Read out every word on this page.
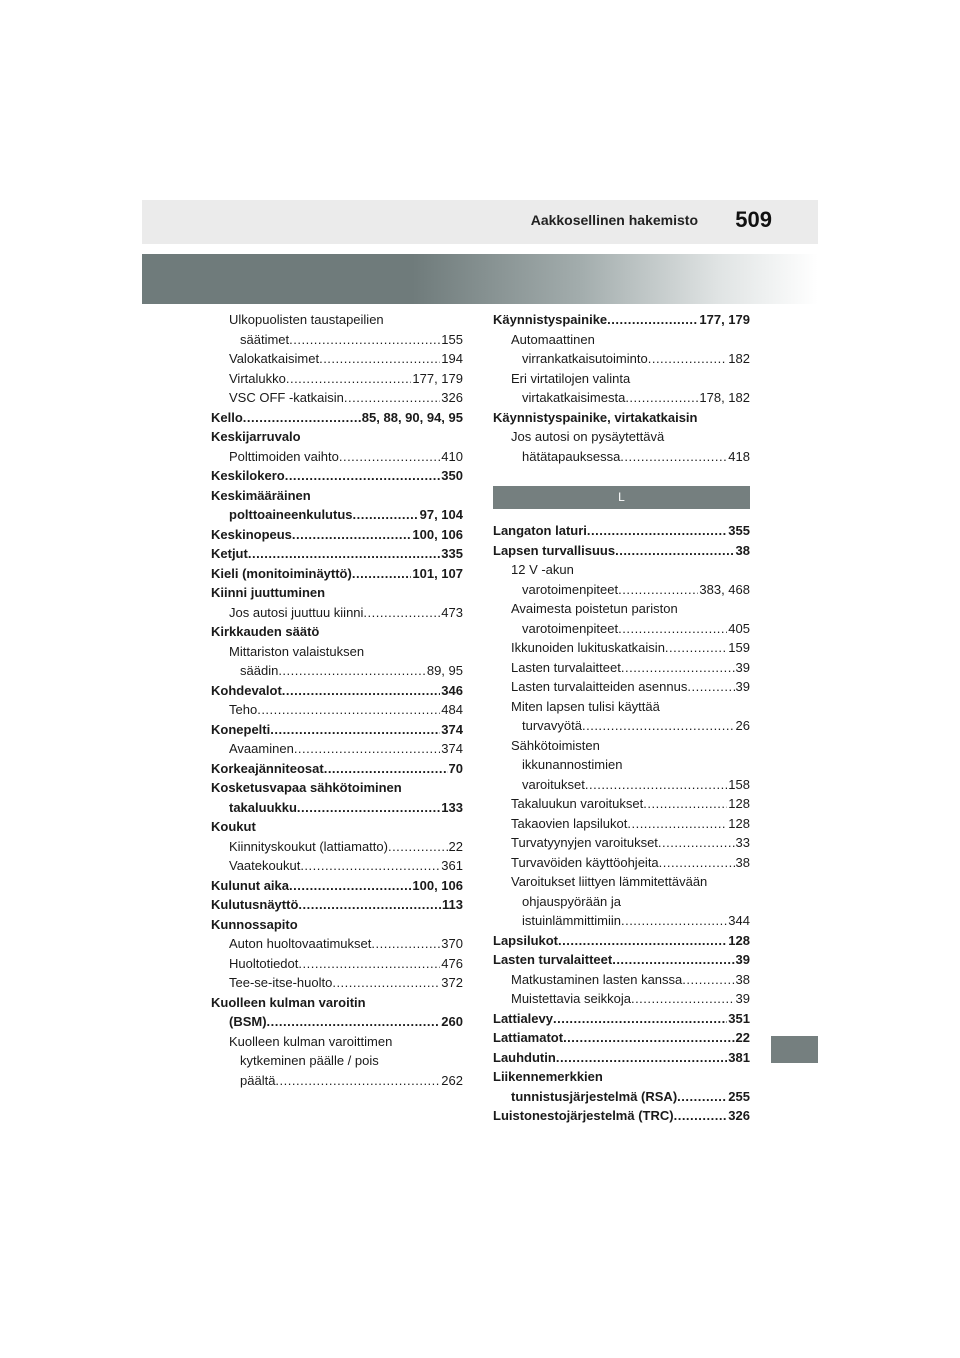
Aakkosellinen hakemisto 509
Ulkopuolisten taustapeilien
säätimet .....	155
Valokatkaisimet .....	194
Virtalukko .....	177, 179
VSC OFF -katkaisin .....	326
Kello .....	85, 88, 90, 94, 95
Keskijarruvalo
Polttimoiden vaihto .....	410
Keskilokero .....	350
Keskimääräinen
polttoaineenkulutus .....	97, 104
Keskinopeus .....	100, 106
Ketjut .....	335
Kieli (monitoiminäyttö) .....	101, 107
Kiinni juuttuminen
Jos autosi juuttuu kiinni .....	473
Kirkkauden säätö
Mittariston valaistuksen
säädin .....	89, 95
Kohdevalot .....	346
Teho .....	484
Konepelti .....	374
Avaaminen .....	374
Korkeajänniteosat .....	70
Kosketusvapaa sähkötoiminen
takaluukku .....	133
Koukut
Kiinnityskoukut (lattiamatto) .....	22
Vaatekoukut .....	361
Kulunut aika .....	100, 106
Kulutusnäyttö .....	113
Kunnossapito
Auton huoltovaatimukset .....	370
Huoltotiedot .....	476
Tee-se-itse-huolto .....	372
Kuolleen kulman varoitin
(BSM) .....	260
Kuolleen kulman varoittimen
kytkeminen päälle / pois
päältä .....	262
Käynnistyspainike .....	177, 179
Automaattinen
virrankatkaisutoiminto .....	182
Eri virtatilojen valinta
virtakatkaisimesta .....	178, 182
Käynnistyspainike, virtakatkaisin
Jos autosi on pysäytettävä
hätätapauksessa .....	418
L
Langaton laturi .....	355
Lapsen turvallisuus .....	38
12 V -akun
varotoimenpiteet .....	383, 468
Avaimesta poistetun pariston
varotoimenpiteet .....	405
Ikkunoiden lukituskatkaisin .....	159
Lasten turvalaitteet .....	39
Lasten turvalaitteiden asennus .....	39
Miten lapsen tulisi käyttää
turvavyötä .....	26
Sähkötoimisten
ikkunannostimien
varoitukset .....	158
Takaluukun varoitukset .....	128
Takaovien lapsilukot .....	128
Turvatyynyjen varoitukset .....	33
Turvavöiden käyttöohjeita .....	38
Varoitukset liittyen lämmitettävään
ohjauspyörään ja
istuinlämmittimiin .....	344
Lapsilukot .....	128
Lasten turvalaitteet .....	39
Matkustaminen lasten kanssa .....	38
Muistettavia seikkoja .....	39
Lattialevy .....	351
Lattiamatot .....	22
Lauhdutin .....	381
Liikennemerkkien
tunnistusjärjestelmä (RSA) .....	255
Luistonestojärjestelmä (TRC) .....	326
